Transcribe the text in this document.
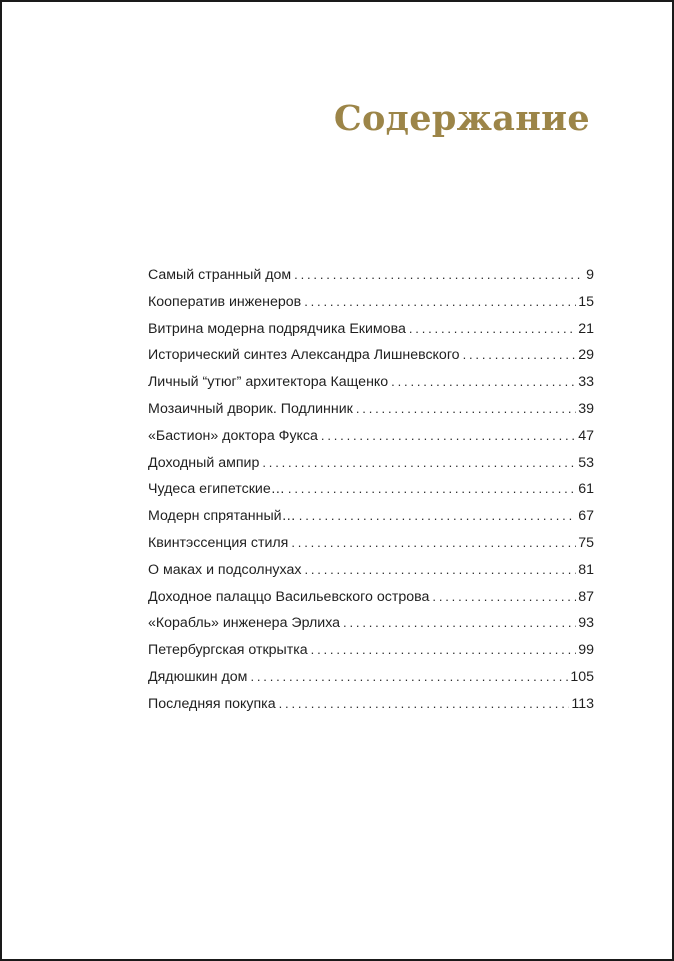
Содержание
Самый странный дом . . .	9
Кооператив инженеров . . .	15
Витрина модерна подрядчика Екимова . . .	21
Исторический синтез Александра Лишневского . . .	29
Личный “утюг” архитектора Кащенко . . .	33
Мозаичный дворик. Подлинник . . .	39
«Бастион» доктора Фукса . . .	47
Доходный ампир . . .	53
Чудеса египетские… . . .	61
Модерн спрятанный… . . .	67
Квинтэссенция стиля . . .	75
О маках и подсолнухах . . .	81
Доходное палаццо Васильевского острова . . .	87
«Корабль» инженера Эрлиха . . .	93
Петербургская открытка . . .	99
Дядюшкин дом . . .	105
Последняя покупка . . .	113
